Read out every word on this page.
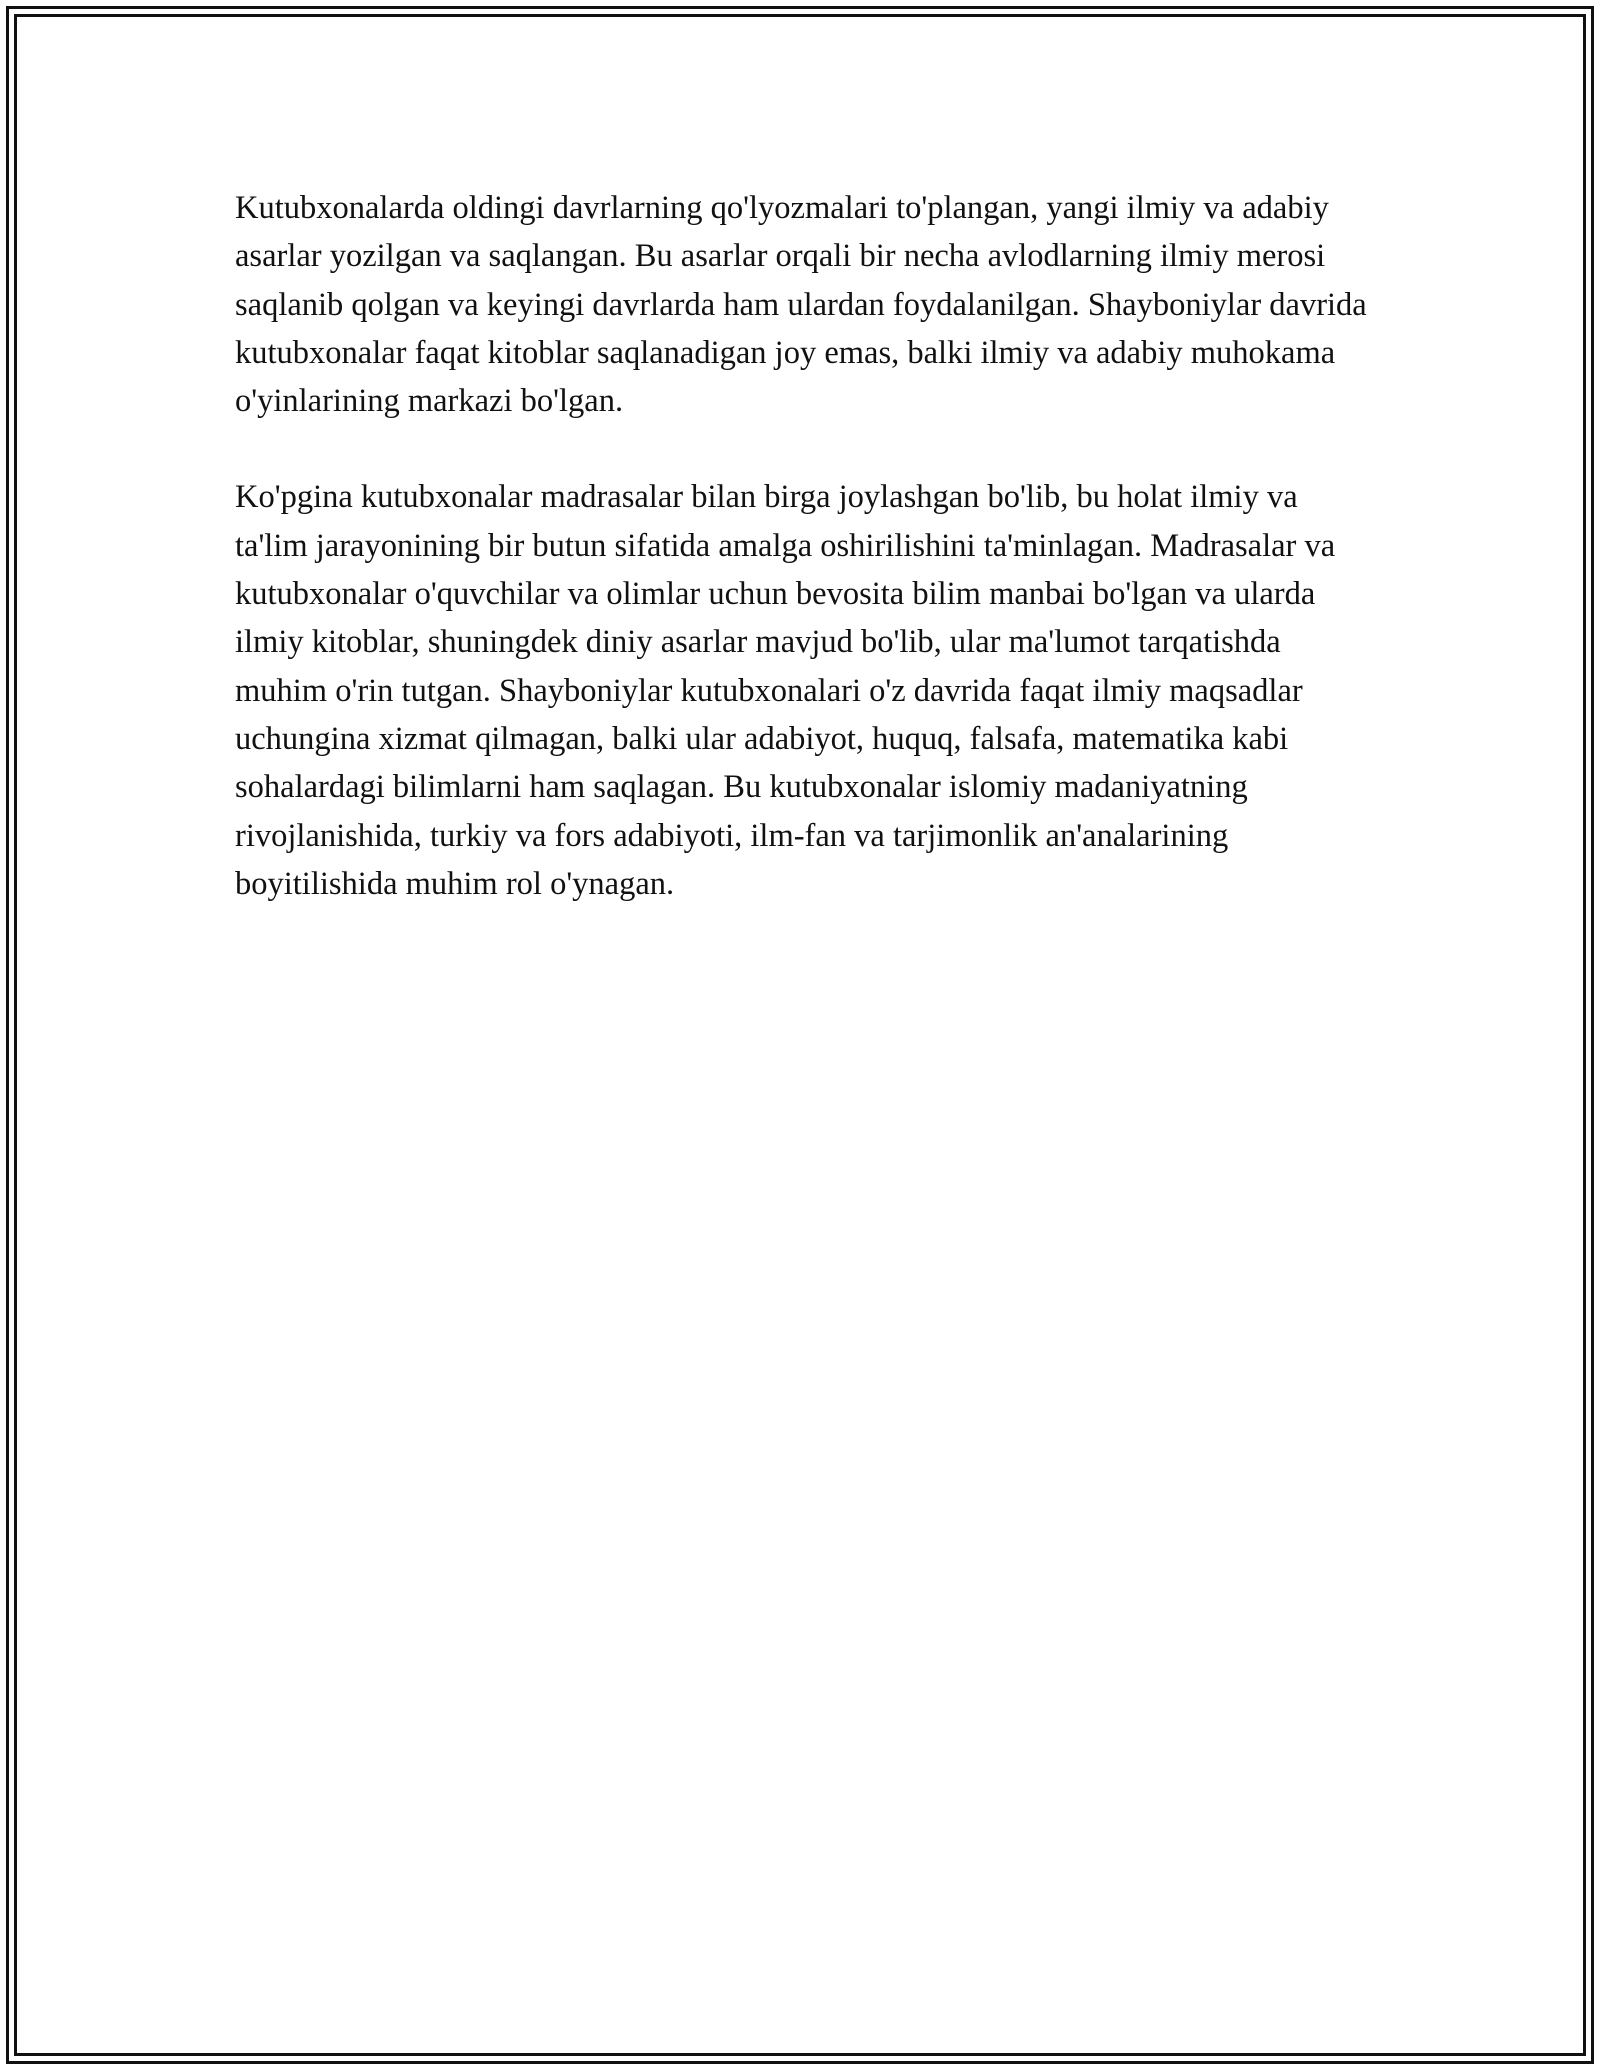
Kutubxonalarda oldingi davrlarning qo'lyozmalari to'plangan, yangi ilmiy va adabiy asarlar yozilgan va saqlangan. Bu asarlar orqali bir necha avlodlarning ilmiy merosi saqlanib qolgan va keyingi davrlarda ham ulardan foydalanilgan. Shayboniylar davrida kutubxonalar faqat kitoblar saqlanadigan joy emas, balki ilmiy va adabiy muhokama o'yinlarining markazi bo'lgan.

Ko'pgina kutubxonalar madrasalar bilan birga joylashgan bo'lib, bu holat ilmiy va ta'lim jarayonining bir butun sifatida amalga oshirilishini ta'minlagan. Madrasalar va kutubxonalar o'quvchilar va olimlar uchun bevosita bilim manbai bo'lgan va ularda ilmiy kitoblar, shuningdek diniy asarlar mavjud bo'lib, ular ma'lumot tarqatishda muhim o'rin tutgan. Shayboniylar kutubxonalari o'z davrida faqat ilmiy maqsadlar uchungina xizmat qilmagan, balki ular adabiyot, huquq, falsafa, matematika kabi sohalardagi bilimlarni ham saqlagan. Bu kutubxonalar islomiy madaniyatning rivojlanishida, turkiy va fors adabiyoti, ilm-fan va tarjimonlik an'analarining boyitilishida muhim rol o'ynagan.
